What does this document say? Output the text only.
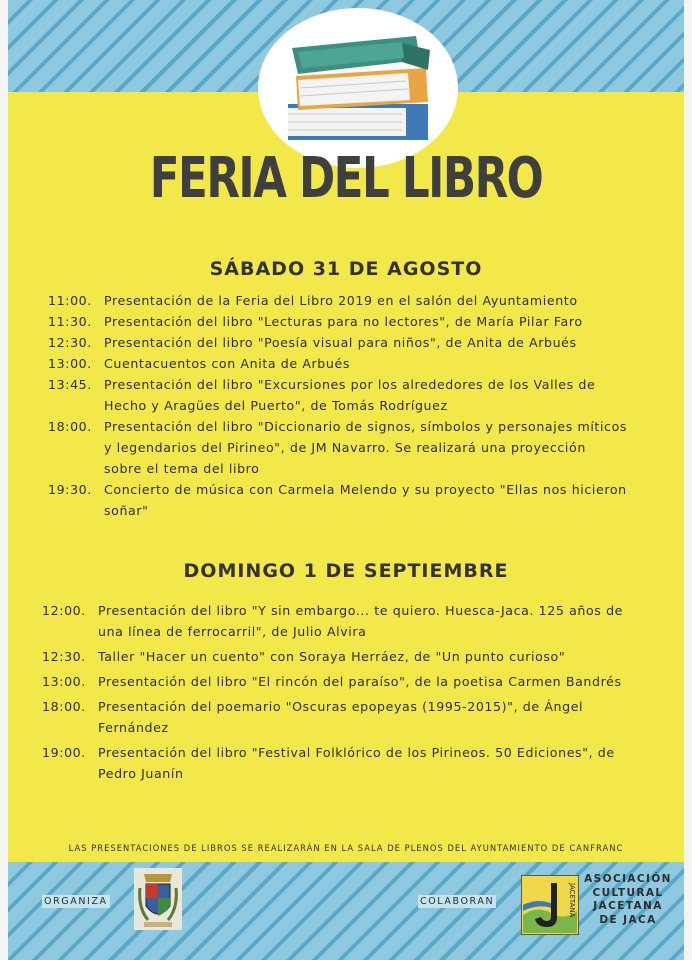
FERIA DEL LIBRO
SÁBADO 31 DE AGOSTO
11:00. Presentación de la Feria del Libro 2019 en el salón del Ayuntamiento
11:30. Presentación del libro "Lecturas para no lectores", de María Pilar Faro
12:30. Presentación del libro "Poesía visual para niños", de Anita de Arbués
13:00. Cuentacuentos con Anita de Arbués
13:45. Presentación del libro "Excursiones por los alrededores de los Valles de Hecho y Aragües del Puerto", de Tomás Rodríguez
18:00. Presentación del libro "Diccionario de signos, símbolos y personajes míticos y legendarios del Pirineo", de JM Navarro. Se realizará una proyección sobre el tema del libro
19:30. Concierto de música con Carmela Melendo y su proyecto "Ellas nos hicieron soñar"
DOMINGO 1 DE SEPTIEMBRE
12:00. Presentación del libro "Y sin embargo... te quiero. Huesca-Jaca. 125 años de una línea de ferrocarril", de Julio Alvira
12:30. Taller "Hacer un cuento" con Soraya Herráez, de "Un punto curioso"
13:00. Presentación del libro "El rincón del paraíso", de la poetisa Carmen Bandrés
18:00. Presentación del poemario "Oscuras epopeyas (1995-2015)", de Ángel Fernández
19:00. Presentación del libro "Festival Folklórico de los Pirineos. 50 Ediciones", de Pedro Juanín
LAS PRESENTACIONES DE LIBROS SE REALIZARÁN EN LA SALA DE PLENOS DEL AYUNTAMIENTO DE CANFRANC
ORGANIZA	COLABORAN	JACETANA
ASOCIACIÓN
CULTURAL
JACETANA
DE JACA
